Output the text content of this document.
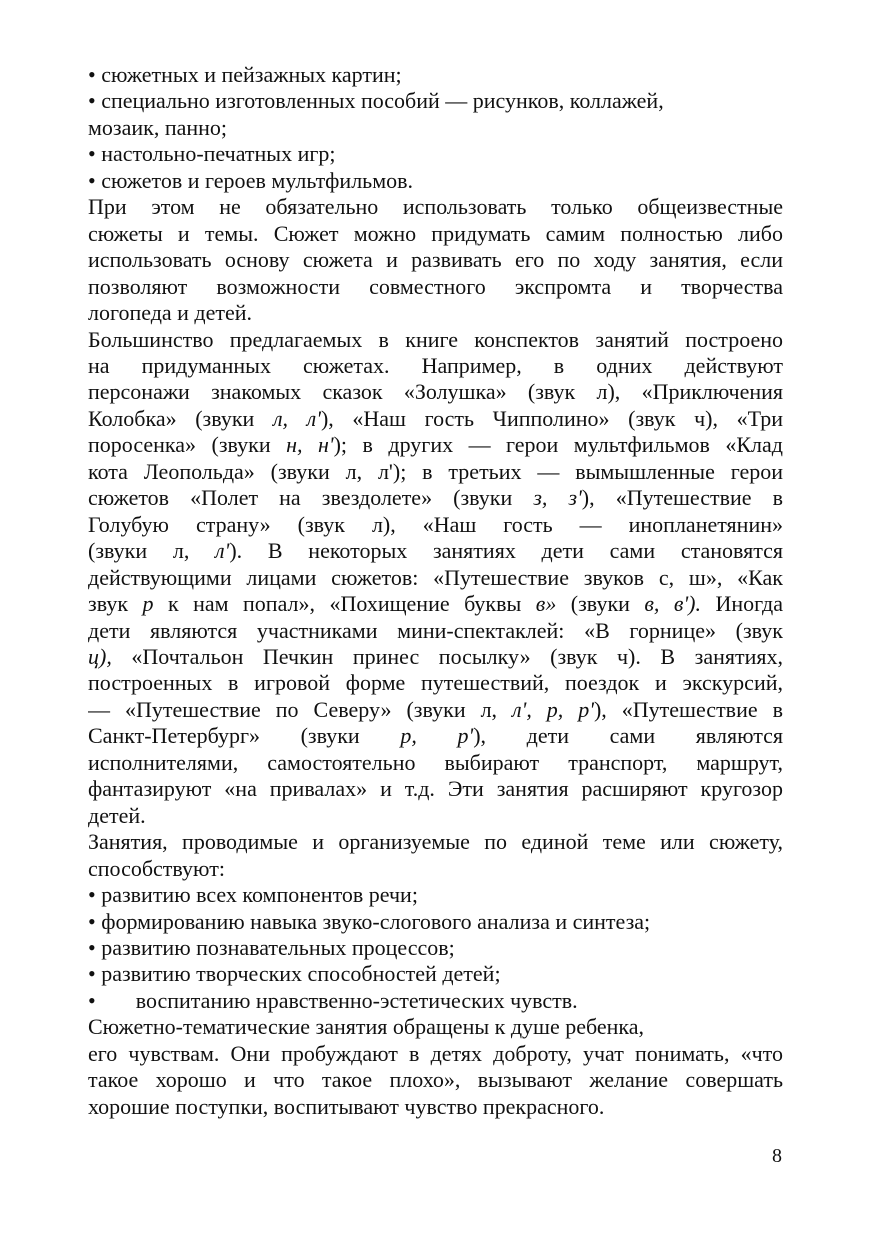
• сюжетных и пейзажных картин;
• специально изготовленных пособий — рисунков, коллажей,
мозаик, панно;
• настольно-печатных игр;
• сюжетов и героев мультфильмов.
При этом не обязательно использовать только общеизвестные
сюжеты и темы. Сюжет можно придумать самим полностью либо
использовать основу сюжета и развивать его по ходу занятия, если
позволяют возможности совместного экспромта и творчества
логопеда и детей.
Большинство предлагаемых в книге конспектов занятий построено
на придуманных сюжетах. Например, в одних действуют
персонажи знакомых сказок «Золушка» (звук л), «Приключения
Колобка» (звуки л, л'), «Наш гость Чипполино» (звук ч), «Три
поросенка» (звуки н, н'); в других — герои мультфильмов «Клад
кота Леопольда» (звуки л, л'); в третьих — вымышленные герои
сюжетов «Полет на звездолете» (звуки з, з'), «Путешествие в
Голубую страну» (звук л), «Наш гость — инопланетянин»
(звуки л, л'). В некоторых занятиях дети сами становятся
действующими лицами сюжетов: «Путешествие звуков с, ш», «Как
звук р к нам попал», «Похищение буквы в» (звуки в, в'). Иногда
дети являются участниками мини-спектаклей: «В горнице» (звук
ц), «Почтальон Печкин принес посылку» (звук ч). В занятиях,
построенных в игровой форме путешествий, поездок и экскурсий,
— «Путешествие по Северу» (звуки л, л', р, р'), «Путешествие в
Санкт-Петербург» (звуки р, р'), дети сами являются
исполнителями, самостоятельно выбирают транспорт, маршрут,
фантазируют «на привалах» и т.д. Эти занятия расширяют кругозор
детей.
Занятия, проводимые и организуемые по единой теме или сюжету,
способствуют:
• развитию всех компонентов речи;
• формированию навыка звуко-слогового анализа и синтеза;
• развитию познавательных процессов;
• развитию творческих способностей детей;
• воспитанию нравственно-эстетических чувств.
Сюжетно-тематические занятия обращены к душе ребенка,
его чувствам. Они пробуждают в детях доброту, учат понимать, «что
такое хорошо и что такое плохо», вызывают желание совершать
хорошие поступки, воспитывают чувство прекрасного.
8
